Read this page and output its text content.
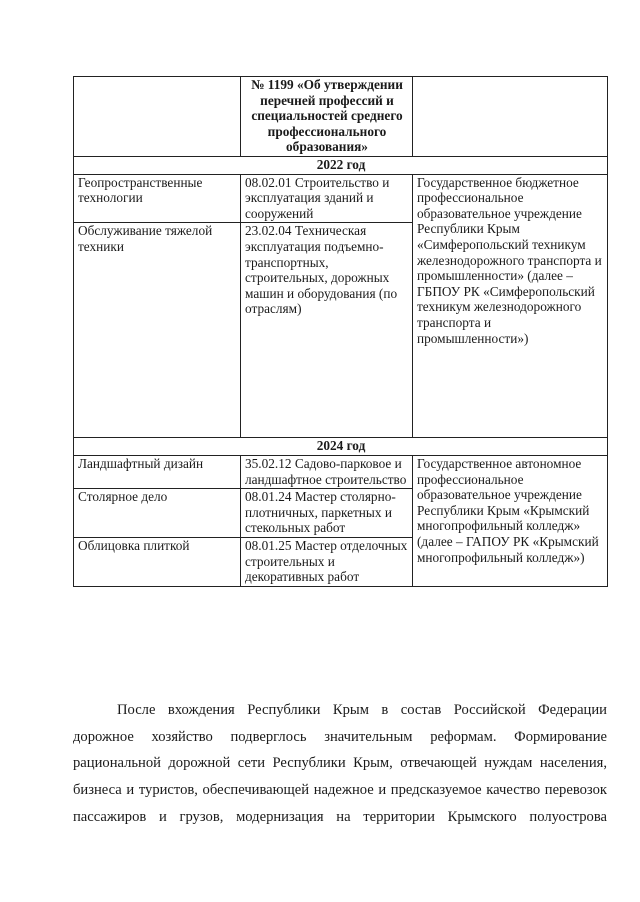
	№ 1199 «Об утверждении перечней профессий и специальностей среднего профессионального образования»	
2022 год		
Геопространственные технологии	08.02.01 Строительство и эксплуатация зданий и сооружений	Государственное бюджетное профессиональное образовательное учреждение Республики Крым «Симферопольский техникум железнодорожного транспорта и промышленности» (далее – ГБПОУ РК «Симферопольский техникум железнодорожного транспорта и промышленности»)
Обслуживание тяжелой техники	23.02.04 Техническая эксплуатация подъемно-транспортных, строительных, дорожных машин и оборудования (по отраслям)	
2024 год		
Ландшафтный дизайн	35.02.12 Садово-парковое и ландшафтное строительство	Государственное автономное профессиональное образовательное учреждение Республики Крым «Крымский многопрофильный колледж» (далее – ГАПОУ РК «Крымский многопрофильный колледж»)
Столярное дело	08.01.24 Мастер столярно-плотничных, паркетных и стекольных работ	
Облицовка плиткой	08.01.25 Мастер отделочных строительных и декоративных работ	
После вхождения Республики Крым в состав Российской Федерации
дорожное хозяйство подверглось значительным реформам. Формирование
рациональной дорожной сети Республики Крым, отвечающей нуждам населения,
бизнеса и туристов, обеспечивающей надежное и предсказуемое качество перевозок
пассажиров и грузов, модернизация на территории Крымского полуострова
